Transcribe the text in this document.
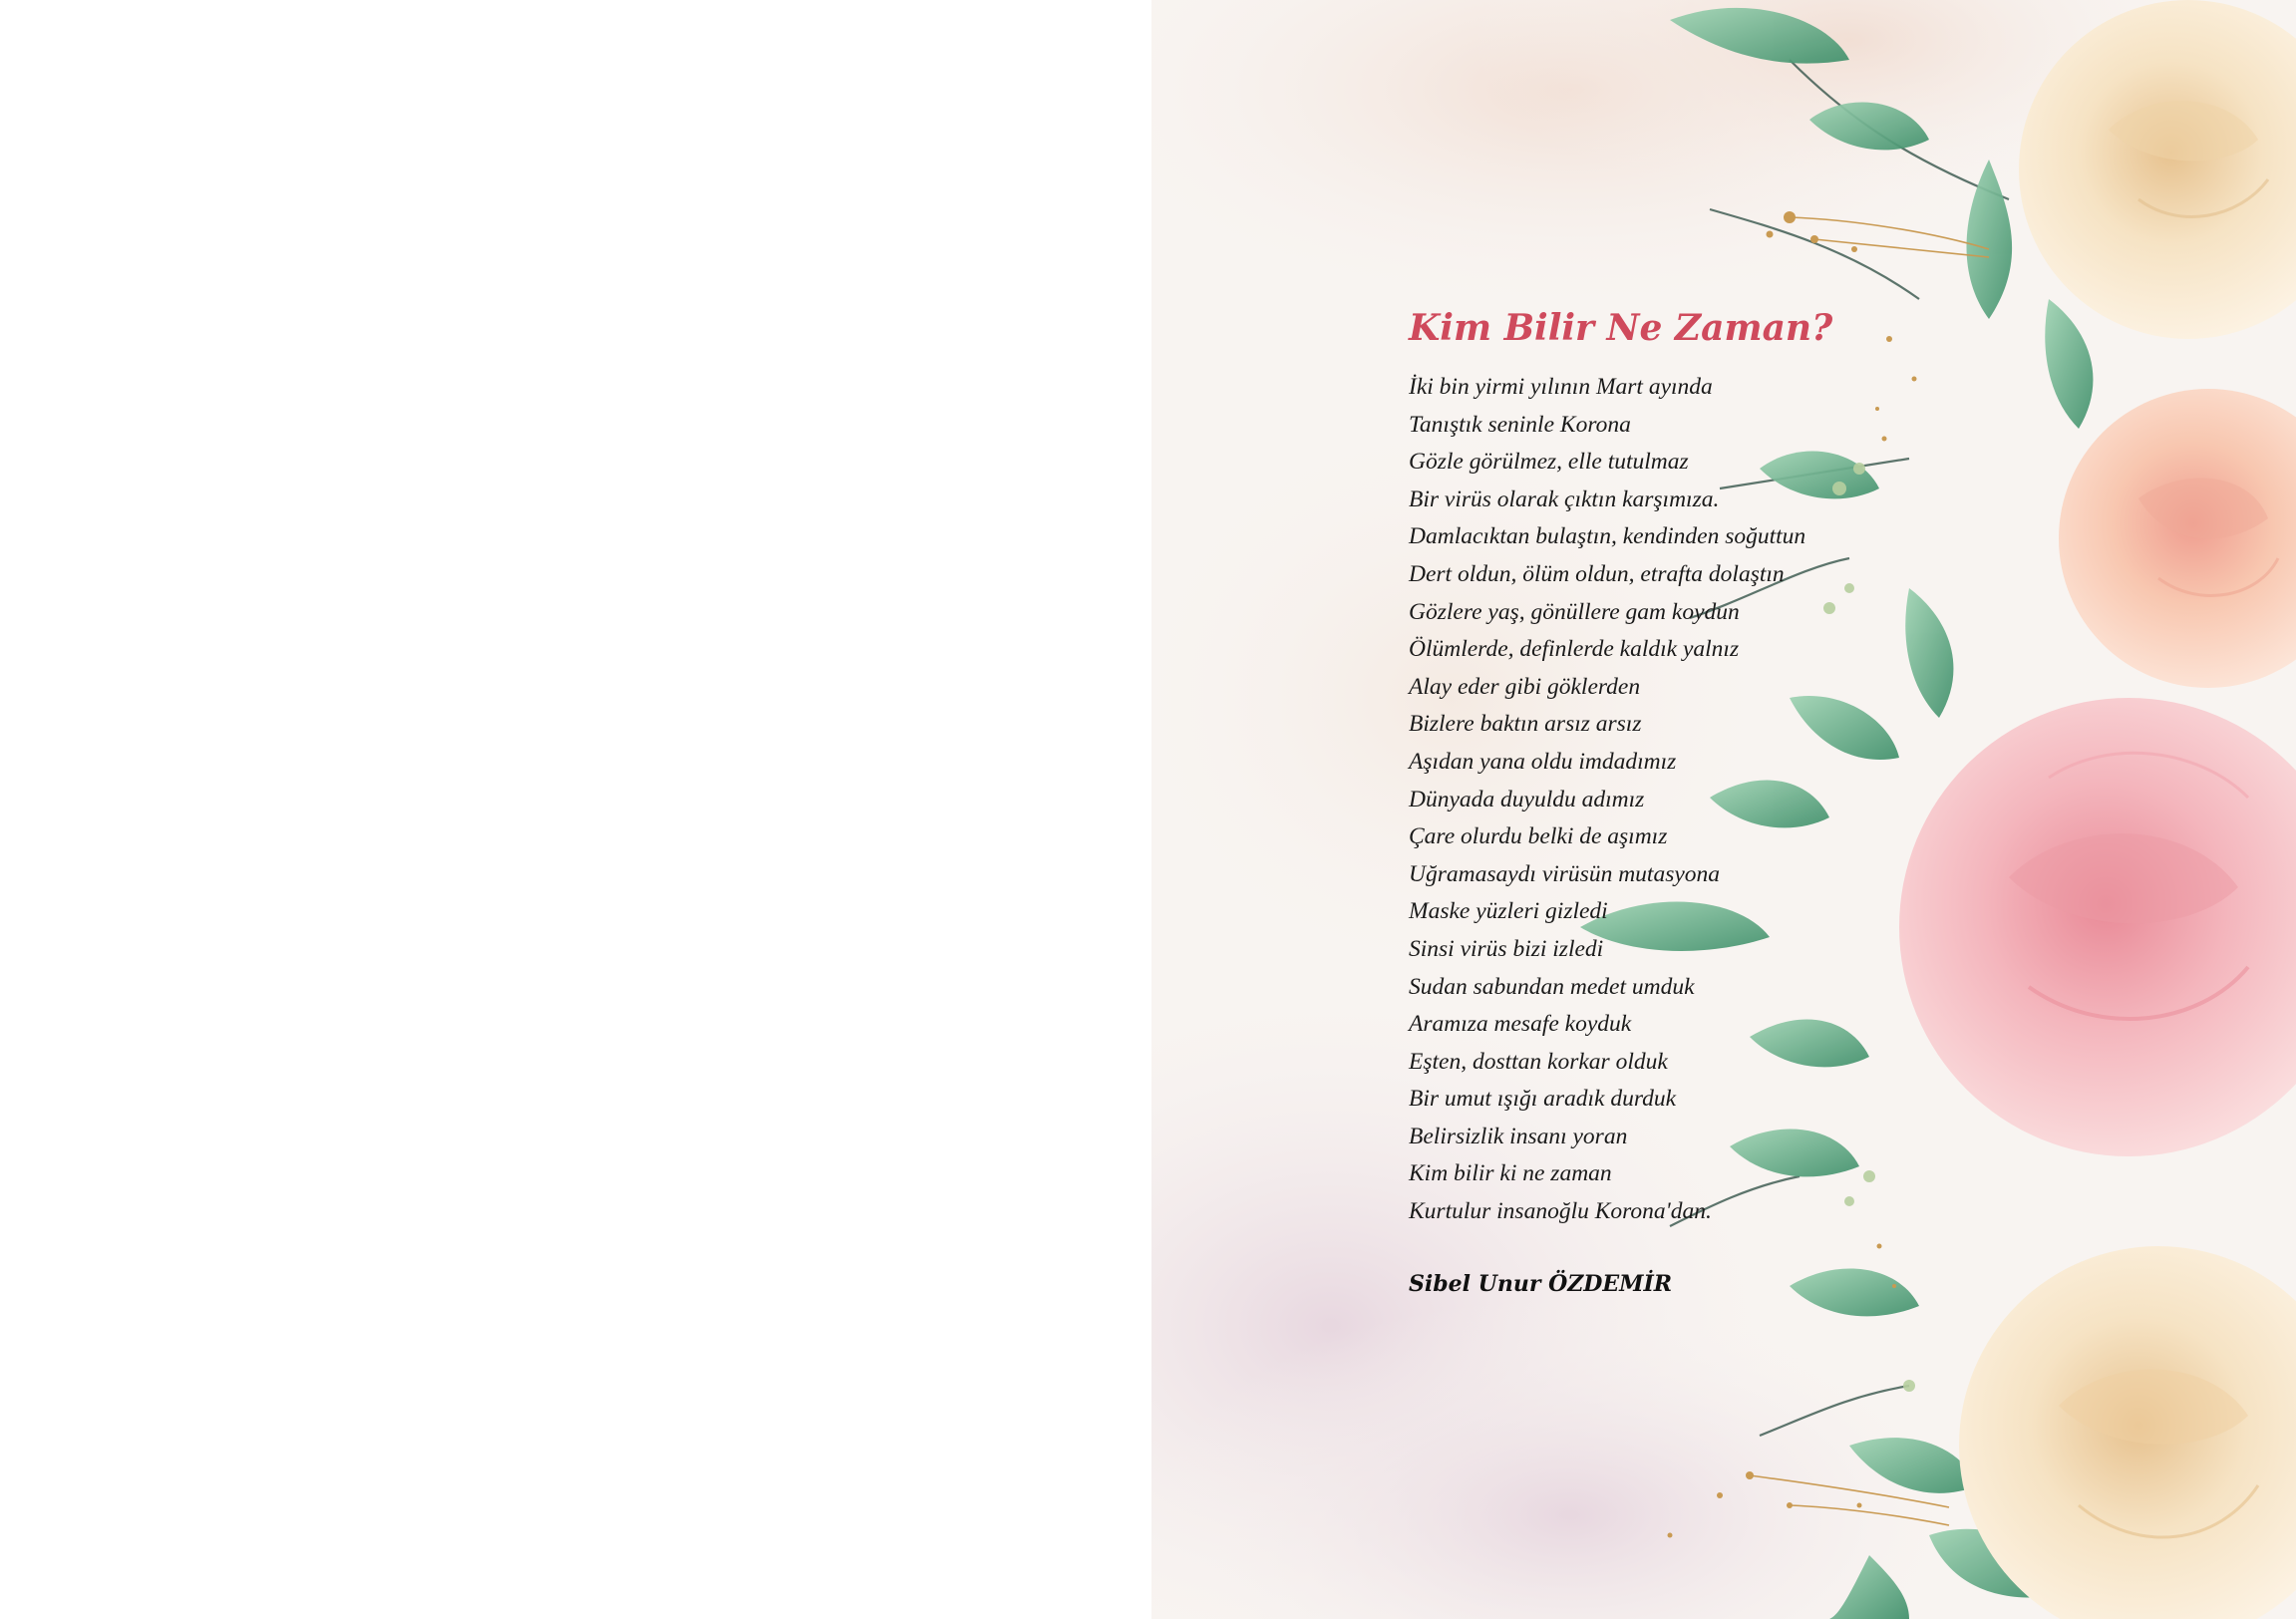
Kim Bilir Ne Zaman?
İki bin yirmi yılının Mart ayında
Tanıştık seninle Korona
Gözle görülmez, elle tutulmaz
Bir virüs olarak çıktın karşımıza.
Damlacıktan bulaştın, kendinden soğuttun
Dert oldun, ölüm oldun, etrafta dolaştın
Gözlere yaş, gönüllere gam koydun
Ölümlerde, definlerde kaldık yalnız
Alay eder gibi göklerden
Bizlere baktın arsız arsız
Aşıdan yana oldu imdadımız
Dünyada duyuldu adımız
Çare olurdu belki de aşımız
Uğramasaydı virüsün mutasyona
Maske yüzleri gizledi
Sinsi virüs bizi izledi
Sudan sabundan medet umduk
Aramıza mesafe koyduk
Eşten, dosttan korkar olduk
Bir umut ışığı aradık durduk
Belirsizlik insanı yoran
Kim bilir ki ne zaman
Kurtulur insanoğlu Korona'dan.
Sibel Unur ÖZDEMİR
